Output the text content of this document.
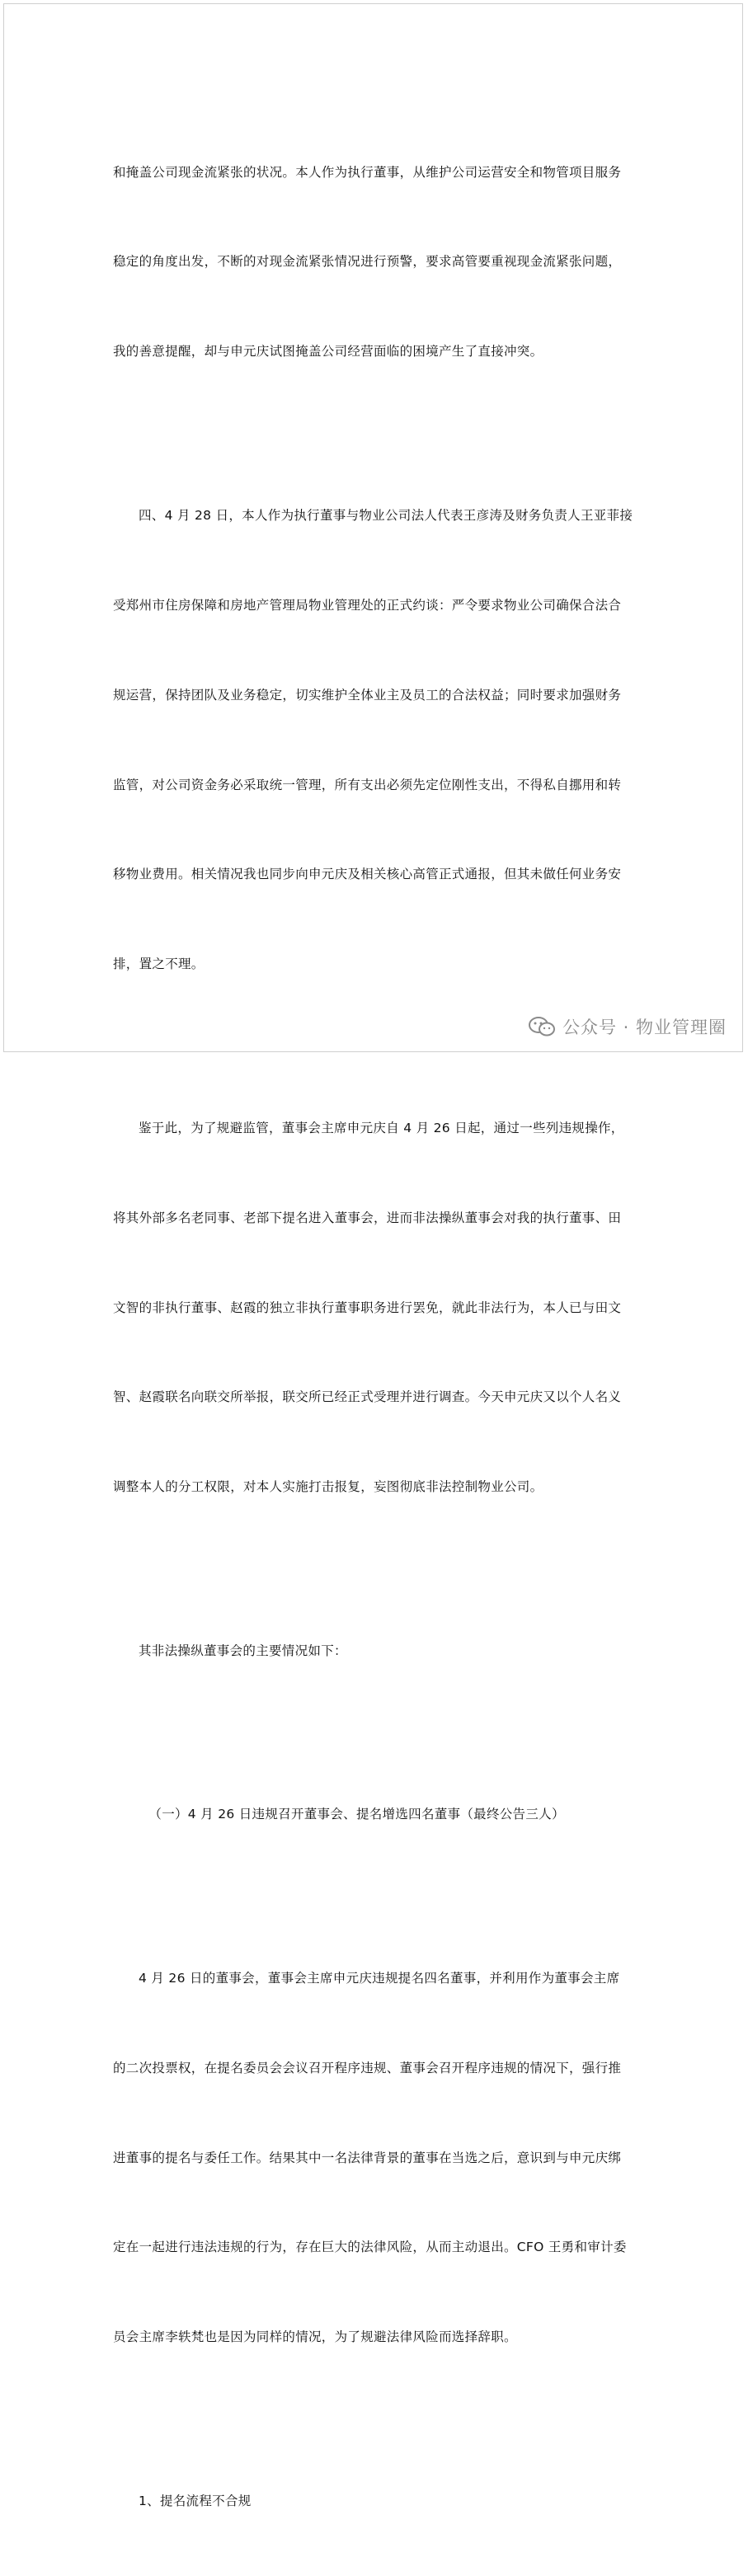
和掩盖公司现金流紧张的状况。本人作为执行董事，从维护公司运营安全和物管项目服务

稳定的角度出发，不断的对现金流紧张情况进行预警，要求高管要重视现金流紧张问题，

我的善意提醒，却与申元庆试图掩盖公司经营面临的困境产生了直接冲突。

四、4 月 28 日，本人作为执行董事与物业公司法人代表王彦涛及财务负责人王亚菲接

受郑州市住房保障和房地产管理局物业管理处的正式约谈：严令要求物业公司确保合法合

规运营，保持团队及业务稳定，切实维护全体业主及员工的合法权益；同时要求加强财务

监管，对公司资金务必采取统一管理，所有支出必须先定位刚性支出，不得私自挪用和转

移物业费用。相关情况我也同步向申元庆及相关核心高管正式通报，但其未做任何业务安

排，置之不理。

鉴于此，为了规避监管，董事会主席申元庆自 4 月 26 日起，通过一些列违规操作，

将其外部多名老同事、老部下提名进入董事会，进而非法操纵董事会对我的执行董事、田

文智的非执行董事、赵霞的独立非执行董事职务进行罢免，就此非法行为，本人已与田文

智、赵霞联名向联交所举报，联交所已经正式受理并进行调查。今天申元庆又以个人名义

调整本人的分工权限，对本人实施打击报复，妄图彻底非法控制物业公司。

其非法操纵董事会的主要情况如下：

（一）4 月 26 日违规召开董事会、提名增选四名董事（最终公告三人）

4 月 26 日的董事会，董事会主席申元庆违规提名四名董事，并利用作为董事会主席

的二次投票权，在提名委员会会议召开程序违规、董事会召开程序违规的情况下，强行推

进董事的提名与委任工作。结果其中一名法律背景的董事在当选之后，意识到与申元庆绑

定在一起进行违法违规的行为，存在巨大的法律风险，从而主动退出。CFO 王勇和审计委

员会主席李轶梵也是因为同样的情况，为了规避法律风险而选择辞职。

1、提名流程不合规

公众号 · 物业管理圈
